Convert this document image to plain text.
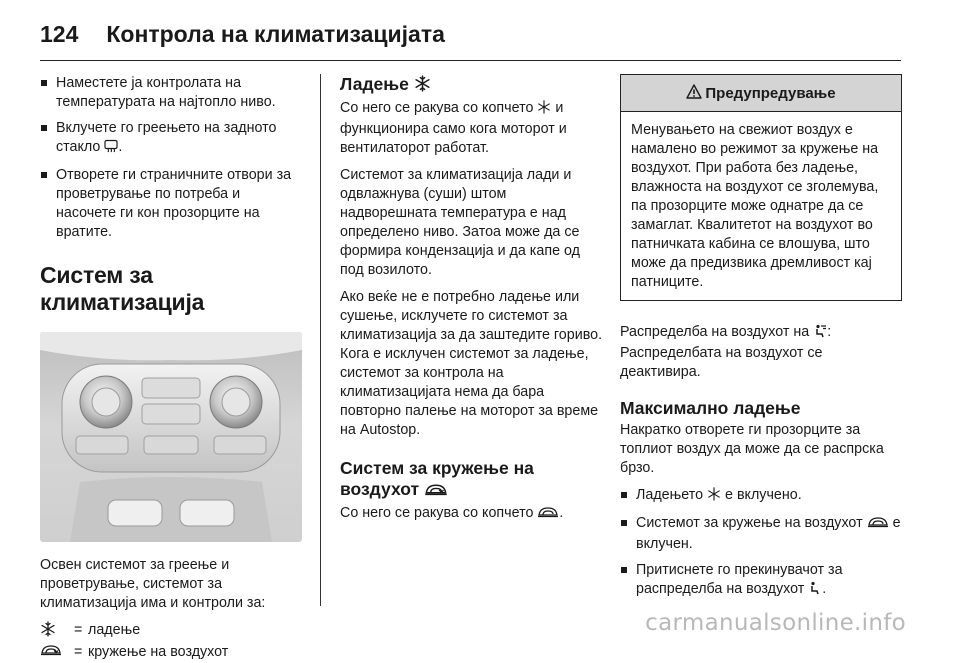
124 Контрола на климатизацијата
Наместете ја контролата на температурата на најтопло ниво.
Вклучете го греењето на задното стакло .
Отворете ги страничните отвори за проветрување по потреба и насочете ги кон прозорците на вратите.
Систем за климатизација

Освен системот за греење и проветрување, системот за климатизација има и контроли за:

= ладење
= кружење на воздухот
Ладење

Со него се ракува со копчето и функционира само кога моторот и вентилаторот работат.

Системот за климатизација лади и одвлажнува (суши) штом надворешната температура е над определено ниво. Затоа може да се формира кондензација и да капе од под возилото.

Ако веќе не е потребно ладење или сушење, исклучете го системот за климатизација за да заштедите гориво. Кога е исклучен системот за ладење, системот за контрола на климатизацијата нема да бара повторно палење на моторот за време на Autostop.

Систем за кружење на воздухот

Со него се ракува со копчето .

Предупредување
Менувањето на свежиот воздух е намалено во режимот за кружење на воздухот. При работа без ладење, влажноста на воздухот се зголемува, па прозорците може однатре да се замаглат. Квалитетот на воздухот во патничката кабина се влошува, што може да предизвика дремливост кај патниците.

Распределба на воздухот на : Распределбата на воздухот се деактивира.

Максимално ладење

Накратко отворете ги прозорците за топлиот воздух да може да се распрска брзо.

Ладењето е вклучено.
Системот за кружење на воздухот е вклучен.
Притиснете го прекинувачот за распределба на воздухот .
carmanualsonline.info
